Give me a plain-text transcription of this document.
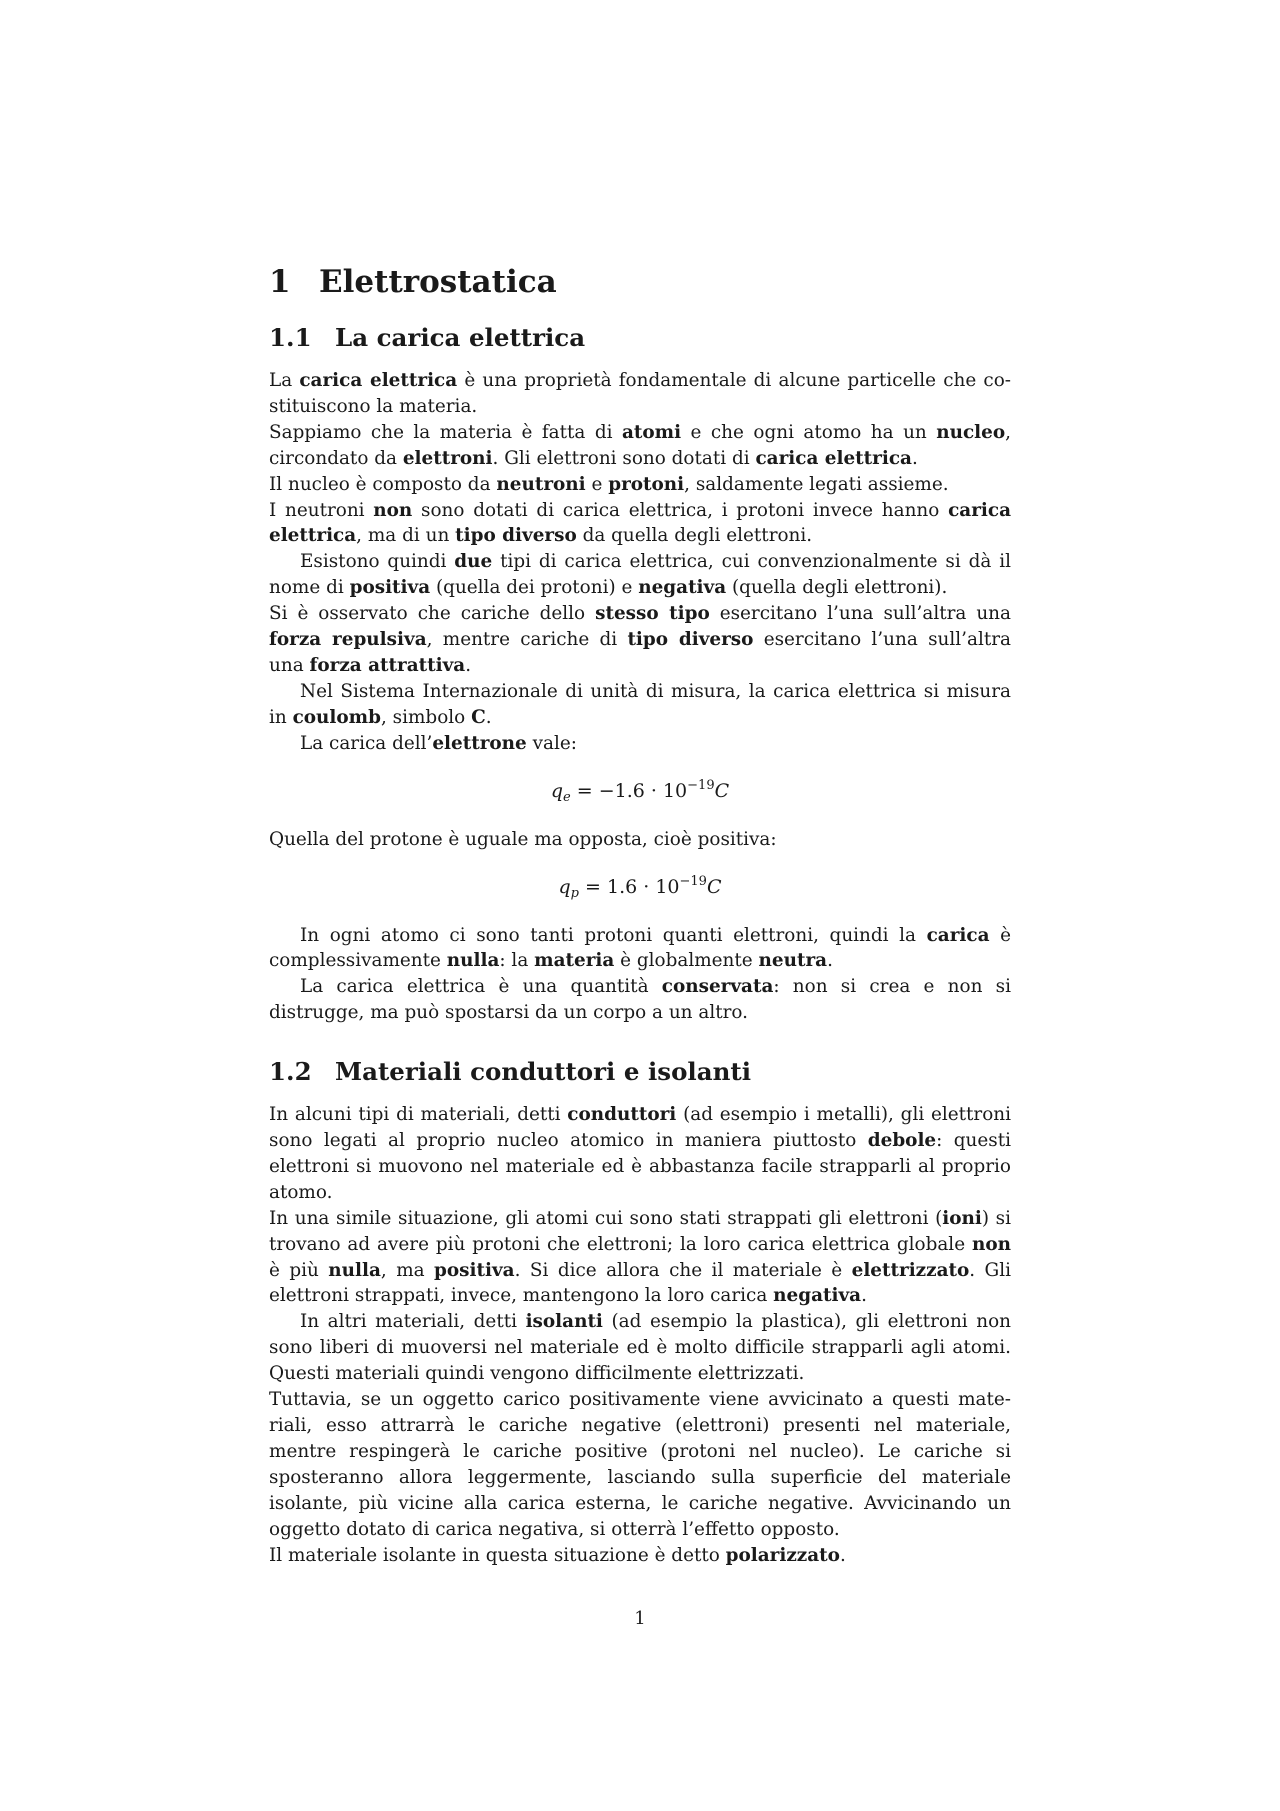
1 Elettrostatica
1.1 La carica elettrica

La carica elettrica è una proprietà fondamentale di alcune particelle che costituiscono la materia.

Sappiamo che la materia è fatta di atomi e che ogni atomo ha un nucleo, circondato da elettroni. Gli elettroni sono dotati di carica elettrica.

Il nucleo è composto da neutroni e protoni, saldamente legati assieme.

I neutroni non sono dotati di carica elettrica, i protoni invece hanno carica elettrica, ma di un tipo diverso da quella degli elettroni.

Esistono quindi due tipi di carica elettrica, cui convenzionalmente si dà il nome di positiva (quella dei protoni) e negativa (quella degli elettroni).

Si è osservato che cariche dello stesso tipo esercitano l’una sull’altra una forza repulsiva, mentre cariche di tipo diverso esercitano l’una sull’altra una forza attrattiva.

Nel Sistema Internazionale di unità di misura, la carica elettrica si misura in coulomb, simbolo C.

La carica dell’elettrone vale:

$q_e = -1.6 \cdot 10^{-19}C$

Quella del protone è uguale ma opposta, cioè positiva:

$q_p = 1.6 \cdot 10^{-19}C$

In ogni atomo ci sono tanti protoni quanti elettroni, quindi la carica è complessivamente nulla: la materia è globalmente neutra.

La carica elettrica è una quantità conservata: non si crea e non si distrugge, ma può spostarsi da un corpo a un altro.

1.2 Materiali conduttori e isolanti

In alcuni tipi di materiali, detti conduttori (ad esempio i metalli), gli elettroni sono legati al proprio nucleo atomico in maniera piuttosto debole: questi elettroni si muovono nel materiale ed è abbastanza facile strapparli al proprio atomo.

In una simile situazione, gli atomi cui sono stati strappati gli elettroni (ioni) si trovano ad avere più protoni che elettroni; la loro carica elettrica globale non è più nulla, ma positiva. Si dice allora che il materiale è elettrizzato. Gli elettroni strappati, invece, mantengono la loro carica negativa.

In altri materiali, detti isolanti (ad esempio la plastica), gli elettroni non sono liberi di muoversi nel materiale ed è molto difficile strapparli agli atomi. Questi materiali quindi vengono difficilmente elettrizzati.

Tuttavia, se un oggetto carico positivamente viene avvicinato a questi materiali, esso attrarrà le cariche negative (elettroni) presenti nel materiale, mentre respingerà le cariche positive (protoni nel nucleo). Le cariche si sposteranno allora leggermente, lasciando sulla superficie del materiale isolante, più vicine alla carica esterna, le cariche negative. Avvicinando un oggetto dotato di carica negativa, si otterrà l’effetto opposto.

Il materiale isolante in questa situazione è detto polarizzato.

1
